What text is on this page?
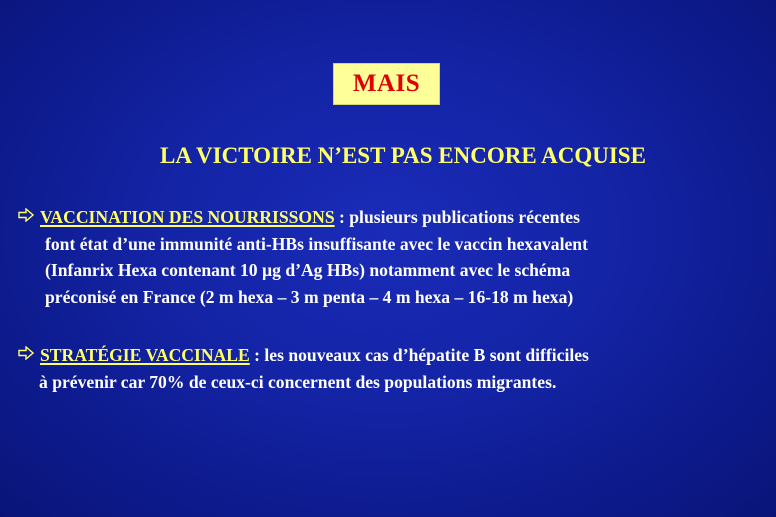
MAIS
LA VICTOIRE N’EST PAS ENCORE ACQUISE
VACCINATION DES NOURRISSONS : plusieurs publications récentes
font état d’une immunité anti-HBs insuffisante avec le vaccin hexavalent
(Infanrix Hexa contenant 10 µg d’Ag HBs) notamment avec le schéma
préconisé en France (2 m hexa – 3 m penta – 4 m hexa – 16-18 m hexa)
STRATÉGIE VACCINALE : les nouveaux cas d’hépatite B sont difficiles
à prévenir car 70% de ceux-ci concernent des populations migrantes.
